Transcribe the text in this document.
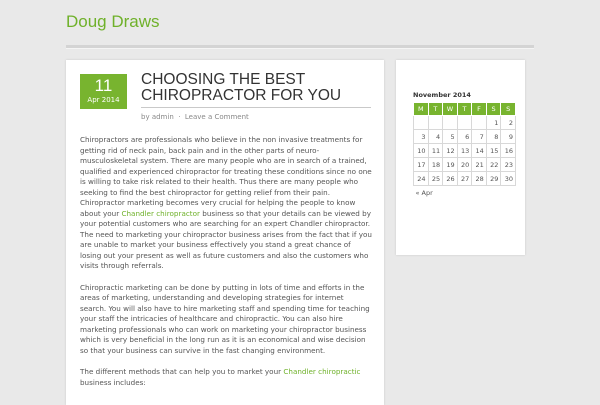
Doug Draws
11
Apr 2014
CHOOSING THE BEST CHIROPRACTOR FOR YOU
by admin · Leave a Comment

Chiropractors are professionals who believe in the non invasive treatments for getting rid of neck pain, back pain and in the other parts of neuro-musculoskeletal system. There are many people who are in search of a trained, qualified and experienced chiropractor for treating these conditions since no one is willing to take risk related to their health. Thus there are many people who seeking to find the best chiropractor for getting relief from their pain. Chiropractor marketing becomes very crucial for helping the people to know about your Chandler chiropractor business so that your details can be viewed by your potential customers who are searching for an expert Chandler chiropractor. The need to marketing your chiropractor business arises from the fact that if you are unable to market your business effectively you stand a great chance of losing out your present as well as future customers and also the customers who visits through referrals.

Chiropractic marketing can be done by putting in lots of time and efforts in the areas of marketing, understanding and developing strategies for internet search. You will also have to hire marketing staff and spending time for teaching your staff the intricacies of healthcare and chiropractic. You can also hire marketing professionals who can work on marketing your chiropractor business which is very beneficial in the long run as it is an economical and wise decision so that your business can survive in the fast changing environment.

The different methods that can help you to market your Chandler chiropractic business includes:

November 2014
M	T	W	T	F	S	S
					1	2
3	4	5	6	7	8	9
10	11	12	13	14	15	16
17	18	19	20	21	22	23
24	25	26	27	28	29	30
« Apr						
